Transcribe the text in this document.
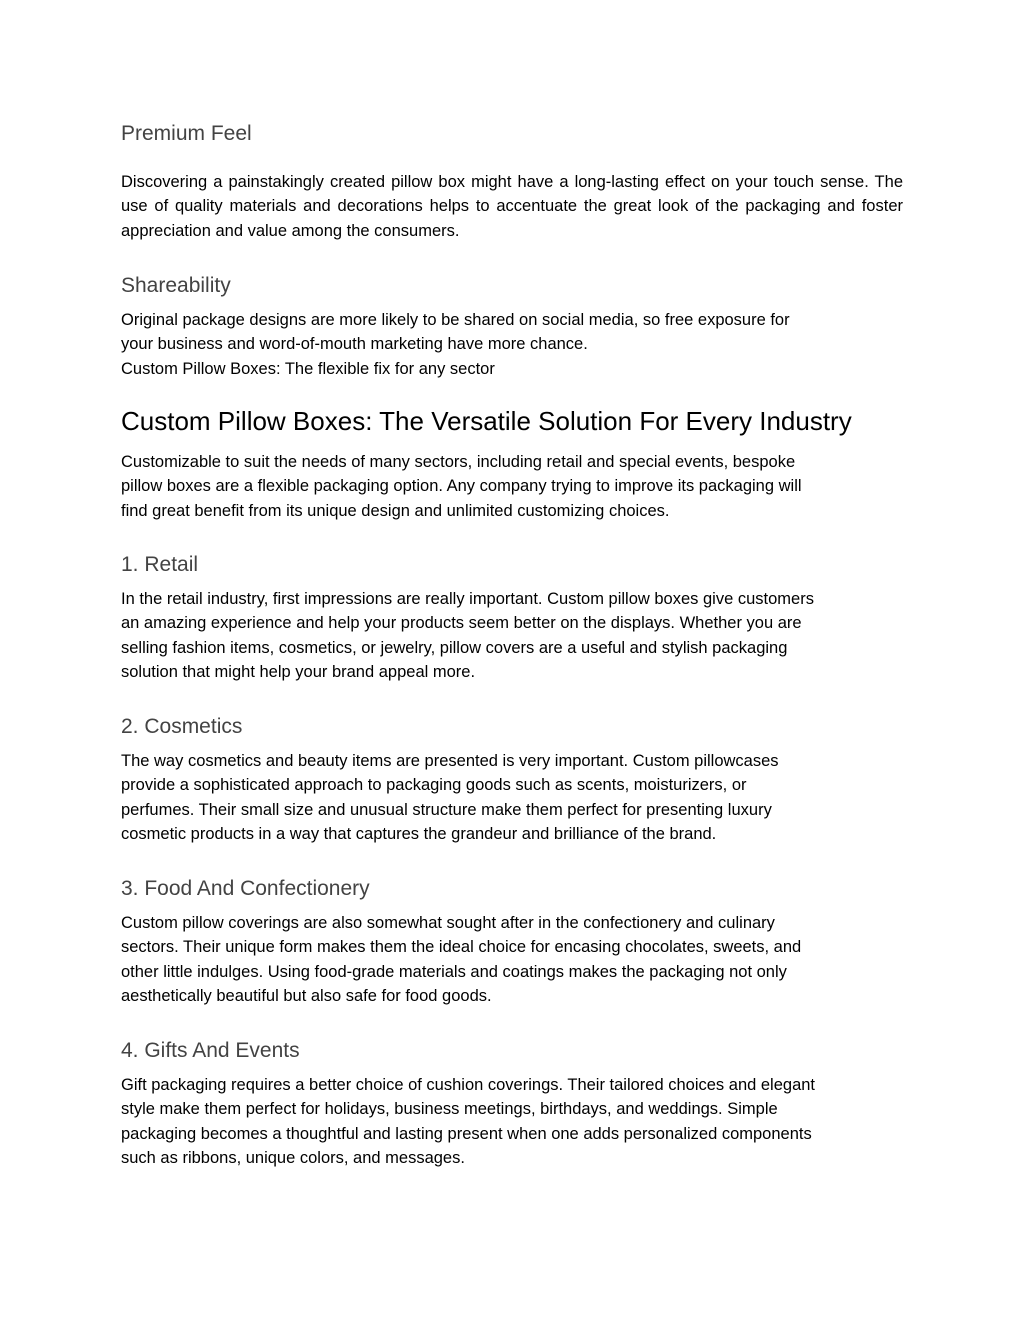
Premium Feel

Discovering a painstakingly created pillow box might have a long-lasting effect on your touch sense. The use of quality materials and decorations helps to accentuate the great look of the packaging and foster appreciation and value among the consumers.

Shareability
Original package designs are more likely to be shared on social media, so free exposure for
your business and word-of-mouth marketing have more chance.
Custom Pillow Boxes: The flexible fix for any sector
Custom Pillow Boxes: The Versatile Solution For Every Industry
Customizable to suit the needs of many sectors, including retail and special events, bespoke
pillow boxes are a flexible packaging option. Any company trying to improve its packaging will
find great benefit from its unique design and unlimited customizing choices.
1. Retail
In the retail industry, first impressions are really important. Custom pillow boxes give customers
an amazing experience and help your products seem better on the displays. Whether you are
selling fashion items, cosmetics, or jewelry, pillow covers are a useful and stylish packaging
solution that might help your brand appeal more.
2. Cosmetics
The way cosmetics and beauty items are presented is very important. Custom pillowcases
provide a sophisticated approach to packaging goods such as scents, moisturizers, or
perfumes. Their small size and unusual structure make them perfect for presenting luxury
cosmetic products in a way that captures the grandeur and brilliance of the brand.
3. Food And Confectionery
Custom pillow coverings are also somewhat sought after in the confectionery and culinary
sectors. Their unique form makes them the ideal choice for encasing chocolates, sweets, and
other little indulges. Using food-grade materials and coatings makes the packaging not only
aesthetically beautiful but also safe for food goods.
4. Gifts And Events
Gift packaging requires a better choice of cushion coverings. Their tailored choices and elegant
style make them perfect for holidays, business meetings, birthdays, and weddings. Simple
packaging becomes a thoughtful and lasting present when one adds personalized components
such as ribbons, unique colors, and messages.
